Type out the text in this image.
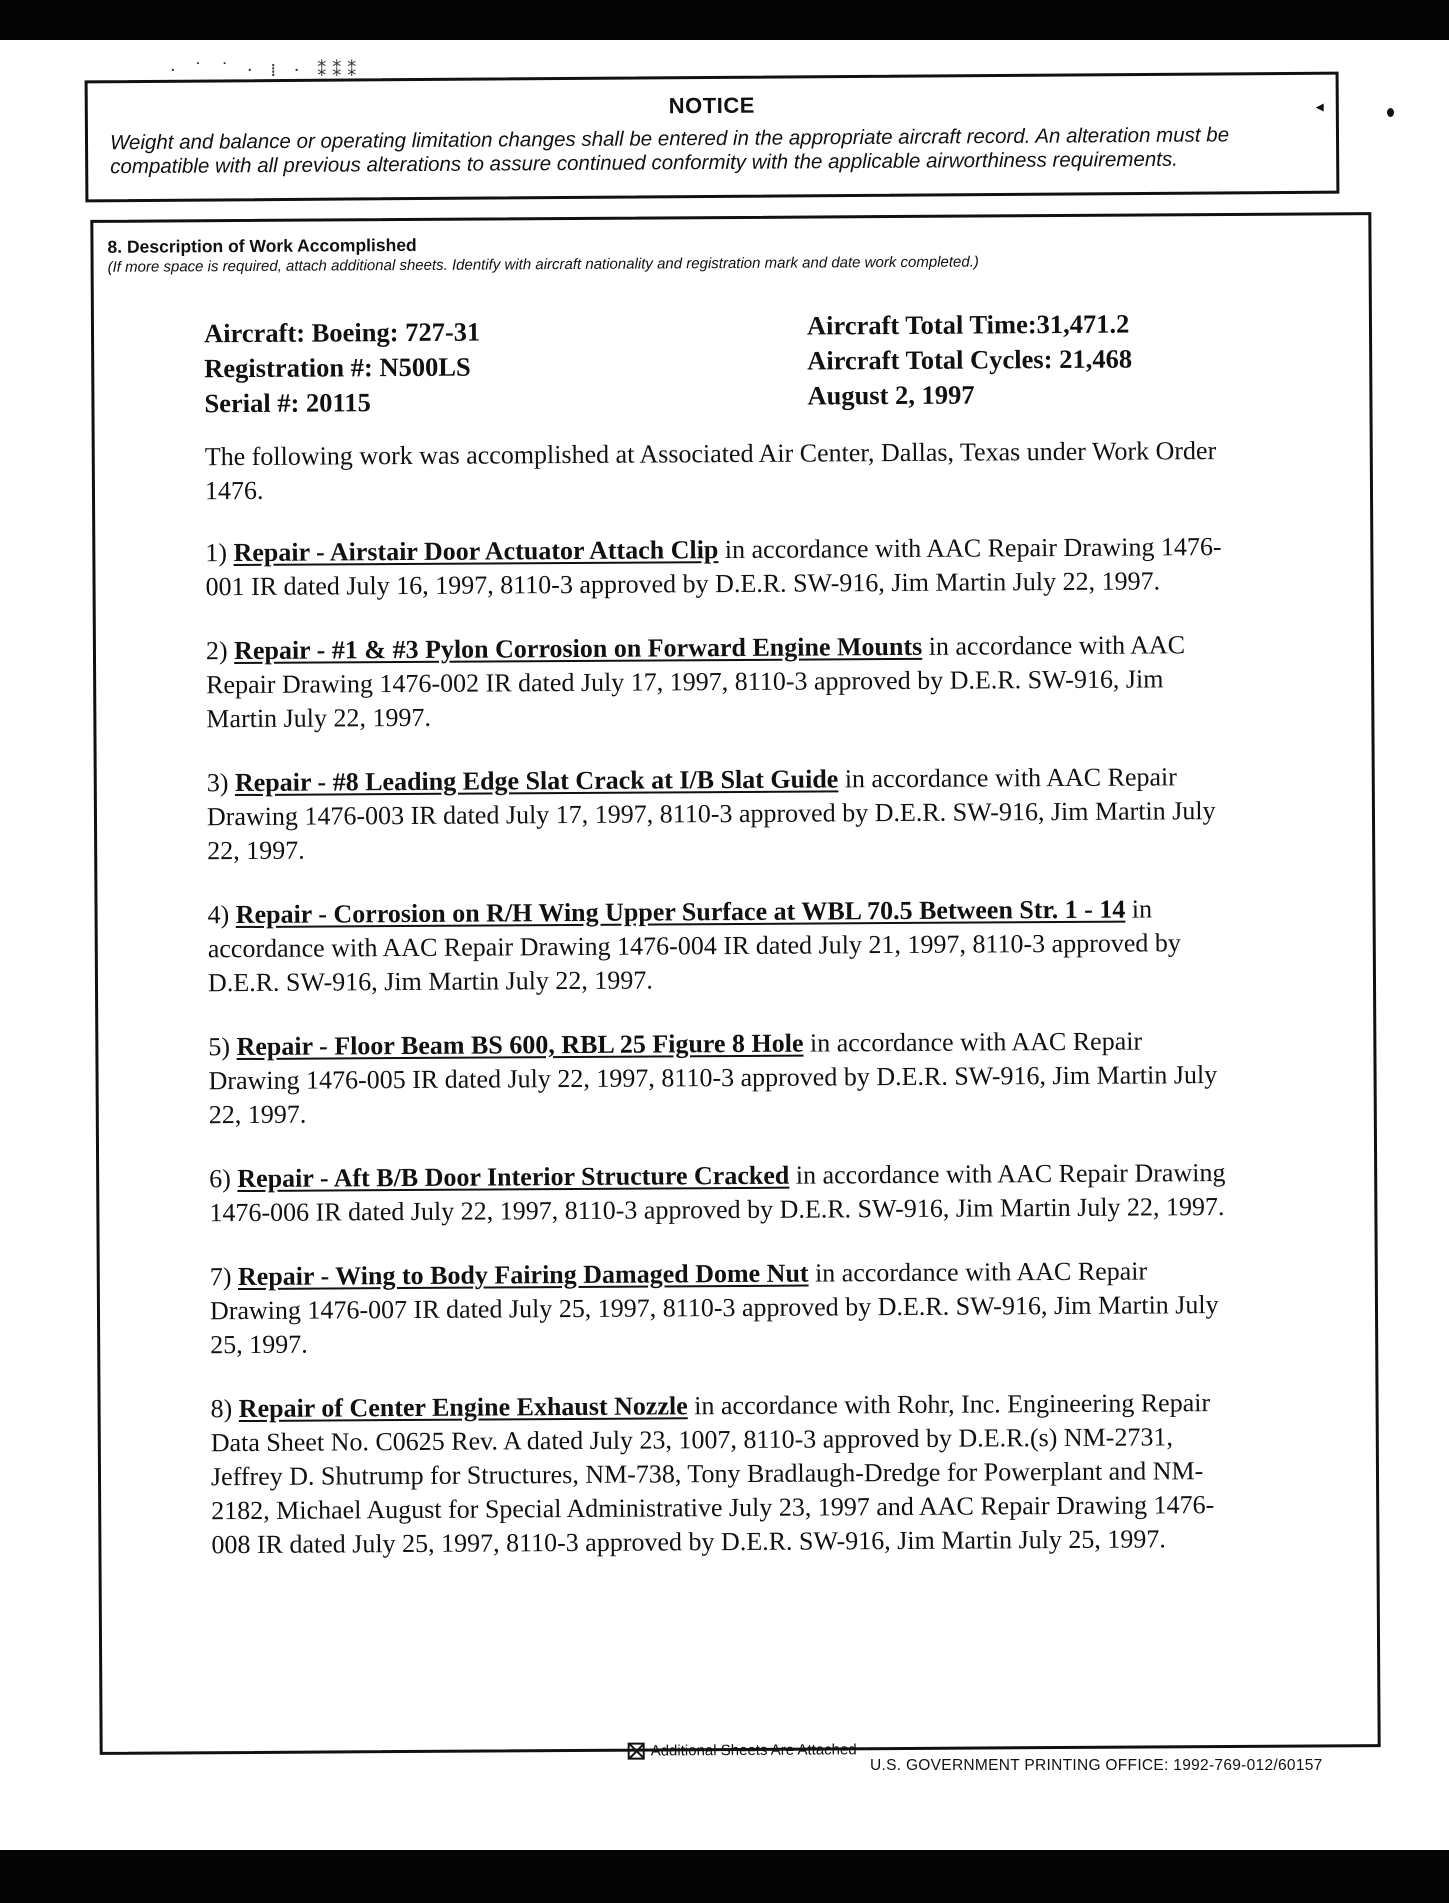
· ˙ ˙ · ⁞ · ⁑⁑⁑
NOTICE	◂
Weight and balance or operating limitation changes shall be entered in the appropriate aircraft record. An alteration must be compatible with all previous alterations to assure continued conformity with the applicable airworthiness requirements.
8. Description of Work Accomplished
(If more space is required, attach additional sheets. Identify with aircraft nationality and registration mark and date work completed.)
Aircraft: Boeing: 727-31
Registration #: N500LS
Serial #: 20115
Aircraft Total Time:31,471.2
Aircraft Total Cycles: 21,468
August 2, 1997

The following work was accomplished at Associated Air Center, Dallas, Texas under Work Order 1476.

1) Repair - Airstair Door Actuator Attach Clip in accordance with AAC Repair Drawing 1476-001 IR dated July 16, 1997, 8110-3 approved by D.E.R. SW-916, Jim Martin July 22, 1997.

2) Repair - #1 & #3 Pylon Corrosion on Forward Engine Mounts in accordance with AAC Repair Drawing 1476-002 IR dated July 17, 1997, 8110-3 approved by D.E.R. SW-916, Jim Martin July 22, 1997.

3) Repair - #8 Leading Edge Slat Crack at I/B Slat Guide in accordance with AAC Repair Drawing 1476-003 IR dated July 17, 1997, 8110-3 approved by D.E.R. SW-916, Jim Martin July 22, 1997.

4) Repair - Corrosion on R/H Wing Upper Surface at WBL 70.5 Between Str. 1 - 14 in accordance with AAC Repair Drawing 1476-004 IR dated July 21, 1997, 8110-3 approved by D.E.R. SW-916, Jim Martin July 22, 1997.

5) Repair - Floor Beam BS 600, RBL 25 Figure 8 Hole in accordance with AAC Repair Drawing 1476-005 IR dated July 22, 1997, 8110-3 approved by D.E.R. SW-916, Jim Martin July 22, 1997.

6) Repair - Aft B/B Door Interior Structure Cracked in accordance with AAC Repair Drawing 1476-006 IR dated July 22, 1997, 8110-3 approved by D.E.R. SW-916, Jim Martin July 22, 1997.

7) Repair - Wing to Body Fairing Damaged Dome Nut in accordance with AAC Repair Drawing 1476-007 IR dated July 25, 1997, 8110-3 approved by D.E.R. SW-916, Jim Martin July 25, 1997.

8) Repair of Center Engine Exhaust Nozzle in accordance with Rohr, Inc. Engineering Repair Data Sheet No. C0625 Rev. A dated July 23, 1007, 8110-3 approved by D.E.R.(s) NM-2731, Jeffrey D. Shutrump for Structures, NM-738, Tony Bradlaugh-Dredge for Powerplant and NM-2182, Michael August for Special Administrative July 23, 1997 and AAC Repair Drawing 1476-008 IR dated July 25, 1997, 8110-3 approved by D.E.R. SW-916, Jim Martin July 25, 1997.

Additional Sheets Are Attached
U.S. GOVERNMENT PRINTING OFFICE: 1992-769-012/60157
